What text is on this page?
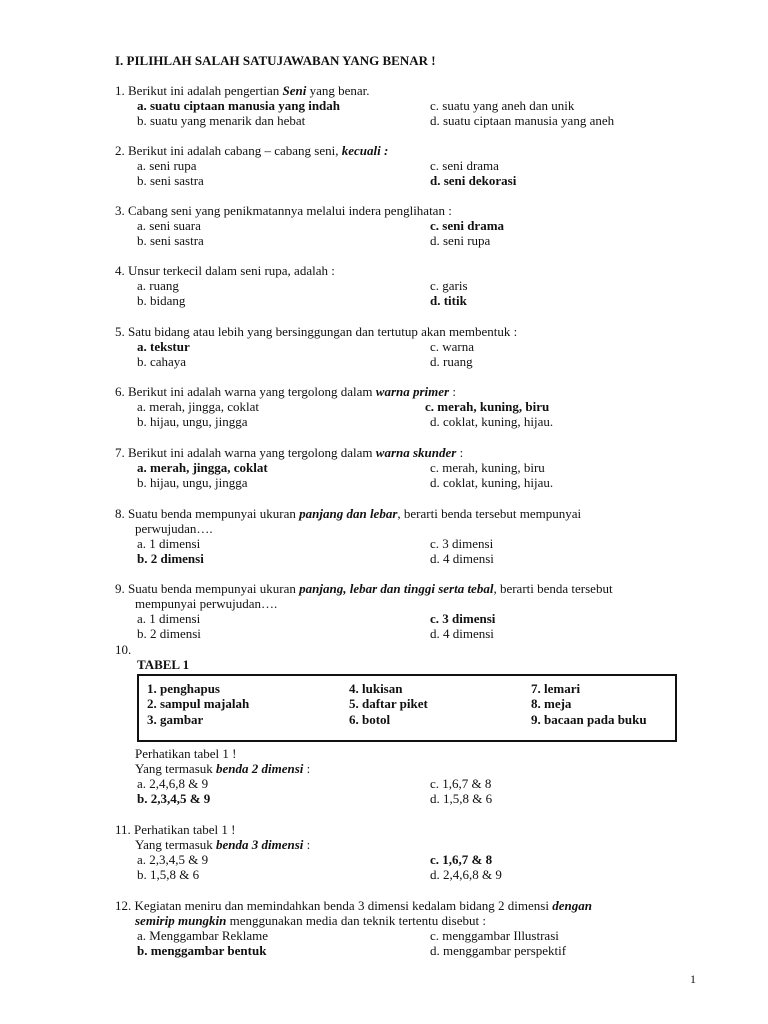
I. PILIHLAH SALAH SATUJAWABAN YANG BENAR !
1. Berikut ini adalah pengertian Seni yang benar.
a. suatu ciptaan manusia yang indah	c. suatu yang aneh dan unik
b. suatu yang menarik dan hebat	d. suatu ciptaan manusia yang aneh
2. Berikut ini adalah cabang – cabang seni, kecuali :
a. seni rupa	c. seni drama
b. seni sastra	d. seni dekorasi
3. Cabang seni yang penikmatannya melalui indera penglihatan :
a. seni suara	c. seni drama
b. seni sastra	d. seni rupa
4. Unsur terkecil dalam seni rupa, adalah :
a. ruang	c. garis
b. bidang	d. titik
5. Satu bidang atau lebih yang bersinggungan dan tertutup akan membentuk :
a. tekstur	c. warna
b. cahaya	d. ruang
6. Berikut ini adalah warna yang tergolong dalam warna primer :
a. merah, jingga, coklat	c. merah, kuning, biru
b. hijau, ungu, jingga	d. coklat, kuning, hijau.
7. Berikut ini adalah warna yang tergolong dalam warna skunder :
a. merah, jingga, coklat	c. merah, kuning, biru
b. hijau, ungu, jingga	d. coklat, kuning, hijau.
8. Suatu benda mempunyai ukuran panjang dan lebar, berarti benda tersebut mempunyai
perwujudan….
a. 1 dimensi	c. 3 dimensi
b. 2 dimensi	d. 4 dimensi
9. Suatu benda mempunyai ukuran panjang, lebar dan tinggi serta tebal, berarti benda tersebut
mempunyai perwujudan….
a. 1 dimensi	c. 3 dimensi
b. 2 dimensi	d. 4 dimensi
10.
TABEL 1
1. penghapus	4. lukisan	7. lemari
2. sampul majalah	5. daftar piket	8. meja
3. gambar	6. botol	9. bacaan pada buku
Perhatikan tabel 1 !
Yang termasuk benda 2 dimensi :
a. 2,4,6,8 & 9	c. 1,6,7 & 8
b. 2,3,4,5 & 9	d. 1,5,8 & 6
11. Perhatikan tabel 1 !
Yang termasuk benda 3 dimensi :
a. 2,3,4,5 & 9	c. 1,6,7 & 8
b. 1,5,8 & 6	d. 2,4,6,8 & 9
12. Kegiatan meniru dan memindahkan benda 3 dimensi kedalam bidang 2 dimensi dengan
semirip mungkin menggunakan media dan teknik tertentu disebut :
a. Menggambar Reklame	c. menggambar Illustrasi
b. menggambar bentuk	d. menggambar perspektif
1
